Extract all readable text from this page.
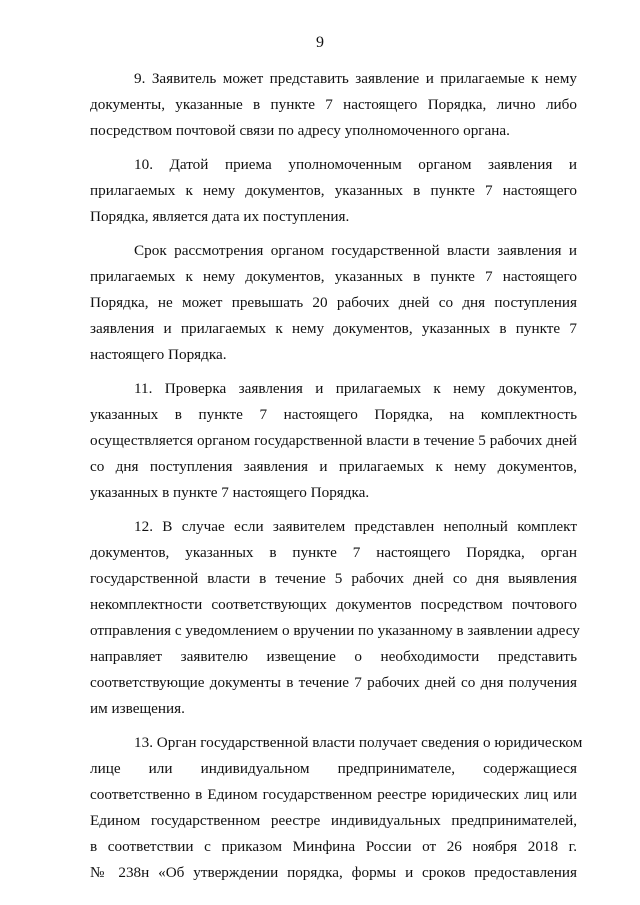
9
9. Заявитель может представить заявление и прилагаемые к нему
документы, указанные в пункте 7 настоящего Порядка, лично либо
посредством почтовой связи по адресу уполномоченного органа.
10. Датой приема уполномоченным органом заявления и
прилагаемых к нему документов, указанных в пункте 7 настоящего
Порядка, является дата их поступления.
Срок рассмотрения органом государственной власти заявления и
прилагаемых к нему документов, указанных в пункте 7 настоящего
Порядка, не может превышать 20 рабочих дней со дня поступления
заявления и прилагаемых к нему документов, указанных в пункте 7
настоящего Порядка.
11. Проверка заявления и прилагаемых к нему документов,
указанных в пункте 7 настоящего Порядка, на комплектность
осуществляется органом государственной власти в течение 5 рабочих дней
со дня поступления заявления и прилагаемых к нему документов,
указанных в пункте 7 настоящего Порядка.
12. В случае если заявителем представлен неполный комплект
документов, указанных в пункте 7 настоящего Порядка, орган
государственной власти в течение 5 рабочих дней со дня выявления
некомплектности соответствующих документов посредством почтового
отправления с уведомлением о вручении по указанному в заявлении адресу
направляет заявителю извещение о необходимости представить
соответствующие документы в течение 7 рабочих дней со дня получения
им извещения.
13. Орган государственной власти получает сведения о юридическом
лице или индивидуальном предпринимателе, содержащиеся
соответственно в Едином государственном реестре юридических лиц или
Едином государственном реестре индивидуальных предпринимателей,
в соответствии с приказом Минфина России от 26 ноября 2018 г.
№ 238н «Об утверждении порядка, формы и сроков предоставления
